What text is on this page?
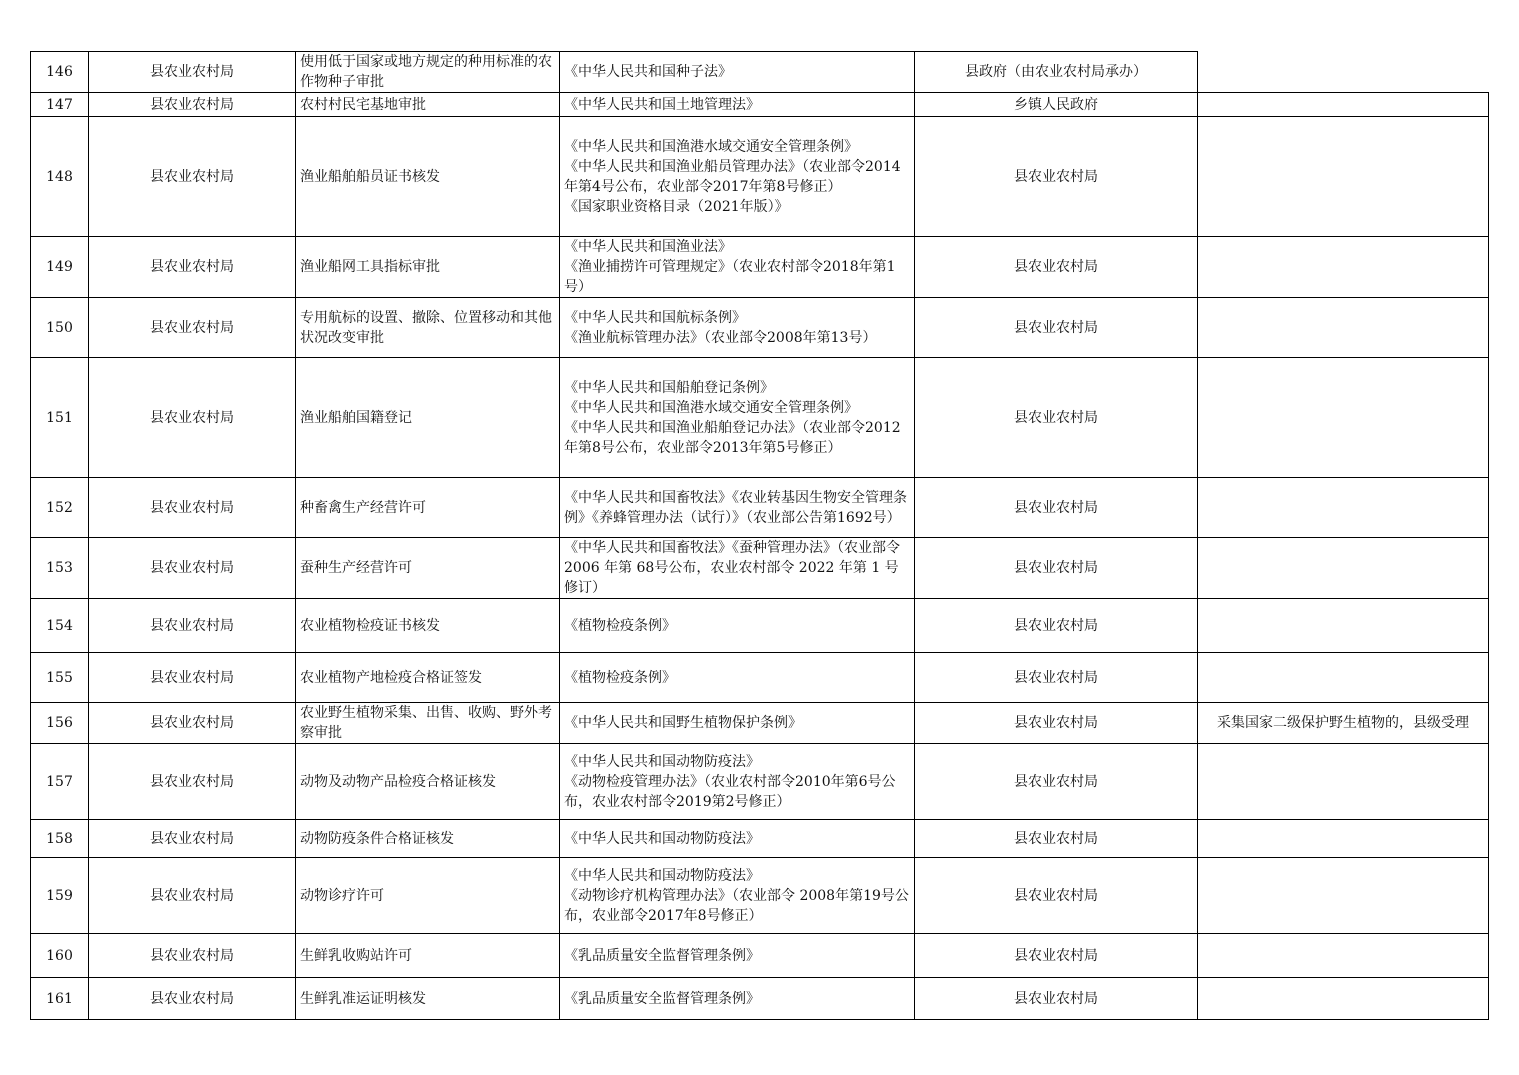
146	县农业农村局	使用低于国家或地方规定的种用标准的农作物种子审批	《中华人民共和国种子法》	县政府（由农业农村局承办）	
147	县农业农村局	农村村民宅基地审批	《中华人民共和国土地管理法》	乡镇人民政府	
148	县农业农村局	渔业船舶船员证书核发	《中华人民共和国渔港水域交通安全管理条例》
《中华人民共和国渔业船员管理办法》（农业部令2014年第4号公布，农业部令2017年第8号修正）
《国家职业资格目录（2021年版）》	县农业农村局	
149	县农业农村局	渔业船网工具指标审批	《中华人民共和国渔业法》
《渔业捕捞许可管理规定》（农业农村部令2018年第1号）	县农业农村局	
150	县农业农村局	专用航标的设置、撤除、位置移动和其他状况改变审批	《中华人民共和国航标条例》
《渔业航标管理办法》（农业部令2008年第13号）	县农业农村局	
151	县农业农村局	渔业船舶国籍登记	《中华人民共和国船舶登记条例》
《中华人民共和国渔港水域交通安全管理条例》
《中华人民共和国渔业船舶登记办法》（农业部令2012年第8号公布，农业部令2013年第5号修正）	县农业农村局	
152	县农业农村局	种畜禽生产经营许可	《中华人民共和国畜牧法》《农业转基因生物安全管理条例》《养蜂管理办法（试行）》（农业部公告第1692号）	县农业农村局	
153	县农业农村局	蚕种生产经营许可	《中华人民共和国畜牧法》《蚕种管理办法》（农业部令 2006 年第 68号公布，农业农村部令 2022 年第 1 号修订）	县农业农村局	
154	县农业农村局	农业植物检疫证书核发	《植物检疫条例》	县农业农村局	
155	县农业农村局	农业植物产地检疫合格证签发	《植物检疫条例》	县农业农村局	
156	县农业农村局	农业野生植物采集、出售、收购、野外考察审批	《中华人民共和国野生植物保护条例》	县农业农村局	采集国家二级保护野生植物的，县级受理
157	县农业农村局	动物及动物产品检疫合格证核发	《中华人民共和国动物防疫法》
《动物检疫管理办法》（农业农村部令2010年第6号公布，农业农村部令2019第2号修正）	县农业农村局	
158	县农业农村局	动物防疫条件合格证核发	《中华人民共和国动物防疫法》	县农业农村局	
159	县农业农村局	动物诊疗许可	《中华人民共和国动物防疫法》
《动物诊疗机构管理办法》（农业部令 2008年第19号公布，农业部令2017年8号修正）	县农业农村局	
160	县农业农村局	生鲜乳收购站许可	《乳品质量安全监督管理条例》	县农业农村局	
161	县农业农村局	生鲜乳准运证明核发	《乳品质量安全监督管理条例》	县农业农村局	
